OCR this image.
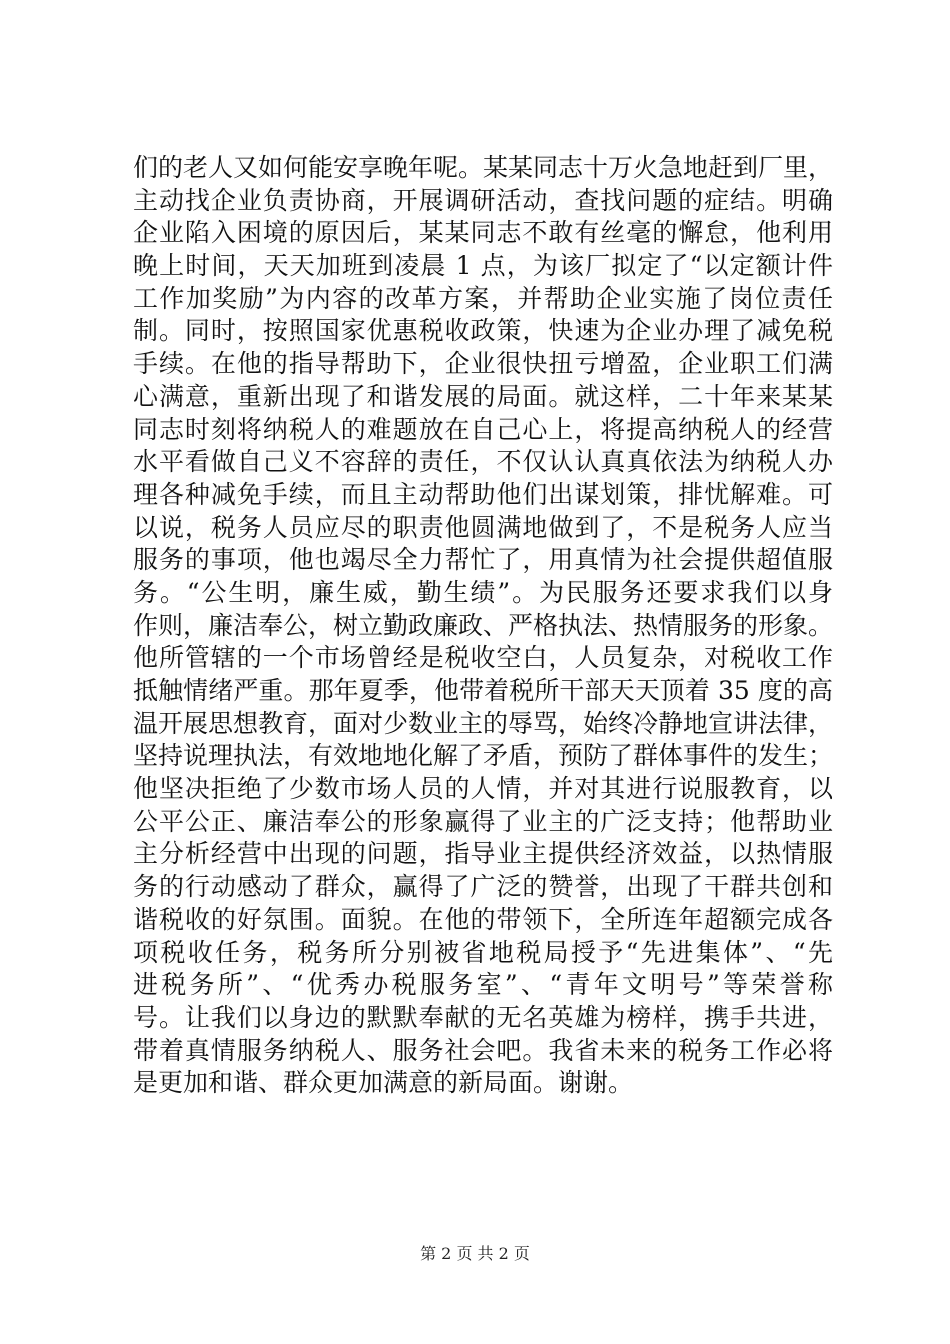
们的老人又如何能安享晚年呢。某某同志十万火急地赶到厂里，
主动找企业负责协商，开展调研活动，查找问题的症结。明确
企业陷入困境的原因后，某某同志不敢有丝毫的懈怠，他利用
晚上时间，天天加班到凌晨 1 点，为该厂拟定了“以定额计件
工作加奖励”为内容的改革方案，并帮助企业实施了岗位责任
制。同时，按照国家优惠税收政策，快速为企业办理了减免税
手续。在他的指导帮助下，企业很快扭亏增盈，企业职工们满
心满意，重新出现了和谐发展的局面。就这样，二十年来某某
同志时刻将纳税人的难题放在自己心上，将提高纳税人的经营
水平看做自己义不容辞的责任，不仅认认真真依法为纳税人办
理各种减免手续，而且主动帮助他们出谋划策，排忧解难。可
以说，税务人员应尽的职责他圆满地做到了，不是税务人应当
服务的事项，他也竭尽全力帮忙了，用真情为社会提供超值服
务。“公生明，廉生威，勤生绩”。为民服务还要求我们以身
作则，廉洁奉公，树立勤政廉政、严格执法、热情服务的形象。
他所管辖的一个市场曾经是税收空白，人员复杂，对税收工作
抵触情绪严重。那年夏季，他带着税所干部天天顶着 35 度的高
温开展思想教育，面对少数业主的辱骂，始终冷静地宣讲法律，
坚持说理执法，有效地地化解了矛盾，预防了群体事件的发生；
他坚决拒绝了少数市场人员的人情，并对其进行说服教育，以
公平公正、廉洁奉公的形象赢得了业主的广泛支持；他帮助业
主分析经营中出现的问题，指导业主提供经济效益，以热情服
务的行动感动了群众，赢得了广泛的赞誉，出现了干群共创和
谐税收的好氛围。面貌。在他的带领下，全所连年超额完成各
项税收任务，税务所分别被省地税局授予“先进集体”、“先
进税务所”、“优秀办税服务室”、“青年文明号”等荣誉称
号。让我们以身边的默默奉献的无名英雄为榜样，携手共进，
带着真情服务纳税人、服务社会吧。我省未来的税务工作必将
是更加和谐、群众更加满意的新局面。谢谢。
第 2 页 共 2 页
